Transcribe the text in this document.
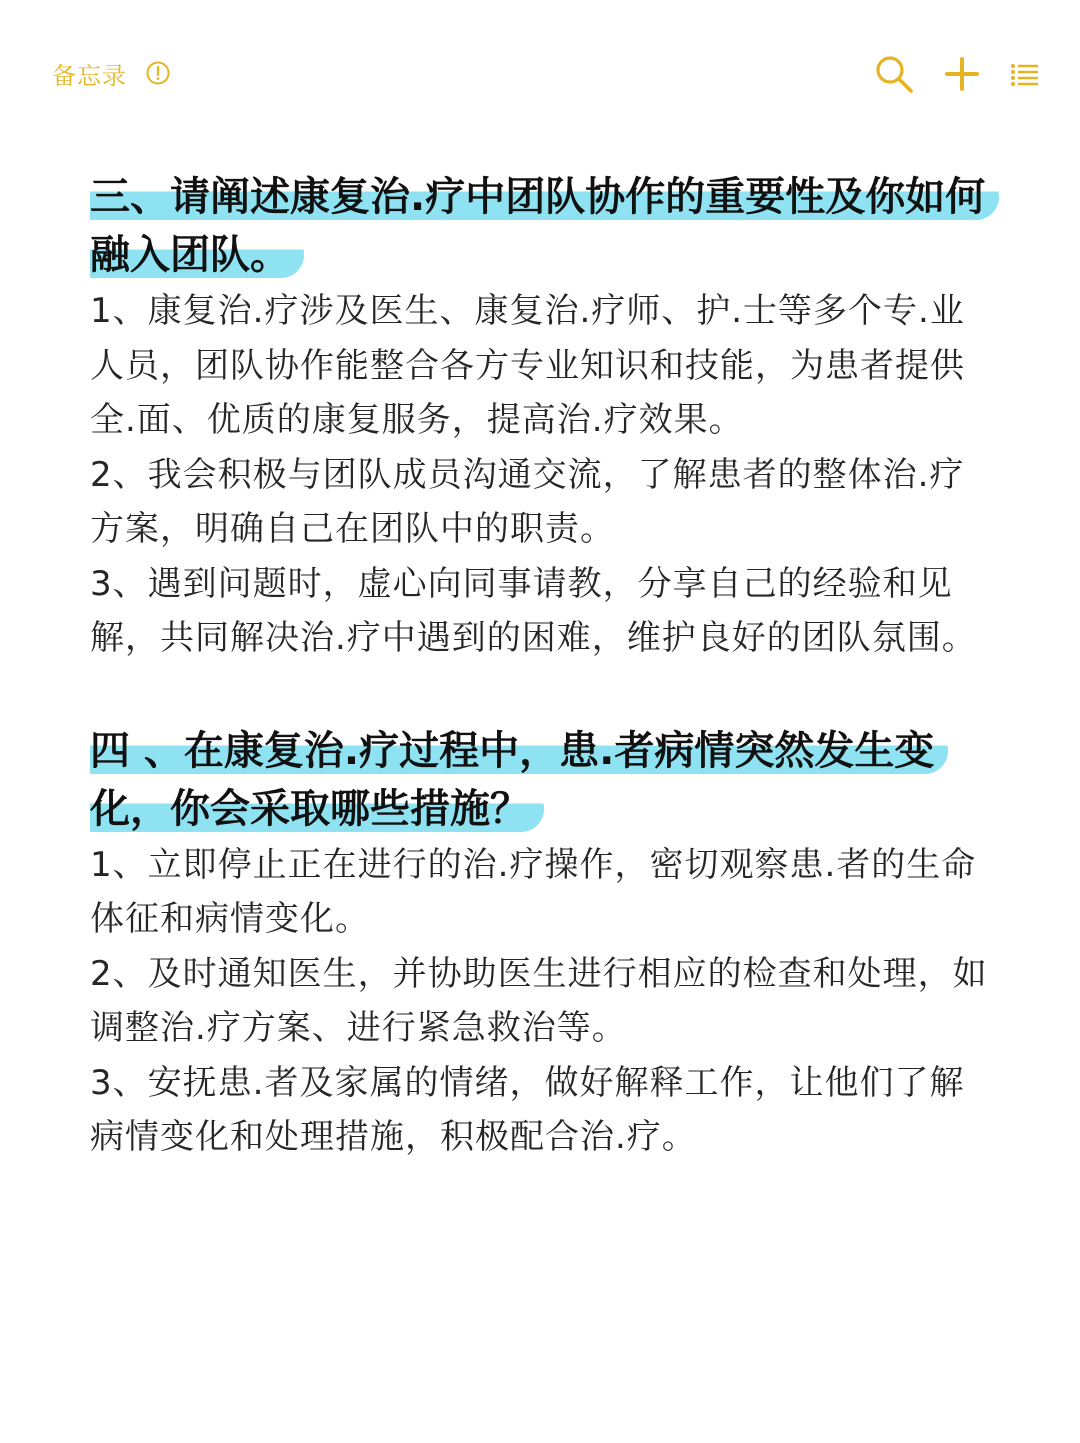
备忘录

三、请阐述康复治.疗中团队协作的重要性及你如何融入团队。

1、康复治.疗涉及医生、康复治.疗师、护.士等多个专.业人员，团队协作能整合各方专业知识和技能，为患者提供全.面、优质的康复服务，提高治.疗效果。

2、我会积极与团队成员沟通交流，了解患者的整体治.疗方案，明确自己在团队中的职责。

3、遇到问题时，虚心向同事请教，分享自己的经验和见解，共同解决治.疗中遇到的困难，维护良好的团队氛围。

四 、在康复治.疗过程中，患.者病情突然发生变化，你会采取哪些措施？

1、立即停止正在进行的治.疗操作，密切观察患.者的生命体征和病情变化。

2、及时通知医生，并协助医生进行相应的检查和处理，如调整治.疗方案、进行紧急救治等。

3、安抚患.者及家属的情绪，做好解释工作，让他们了解病情变化和处理措施，积极配合治.疗。
